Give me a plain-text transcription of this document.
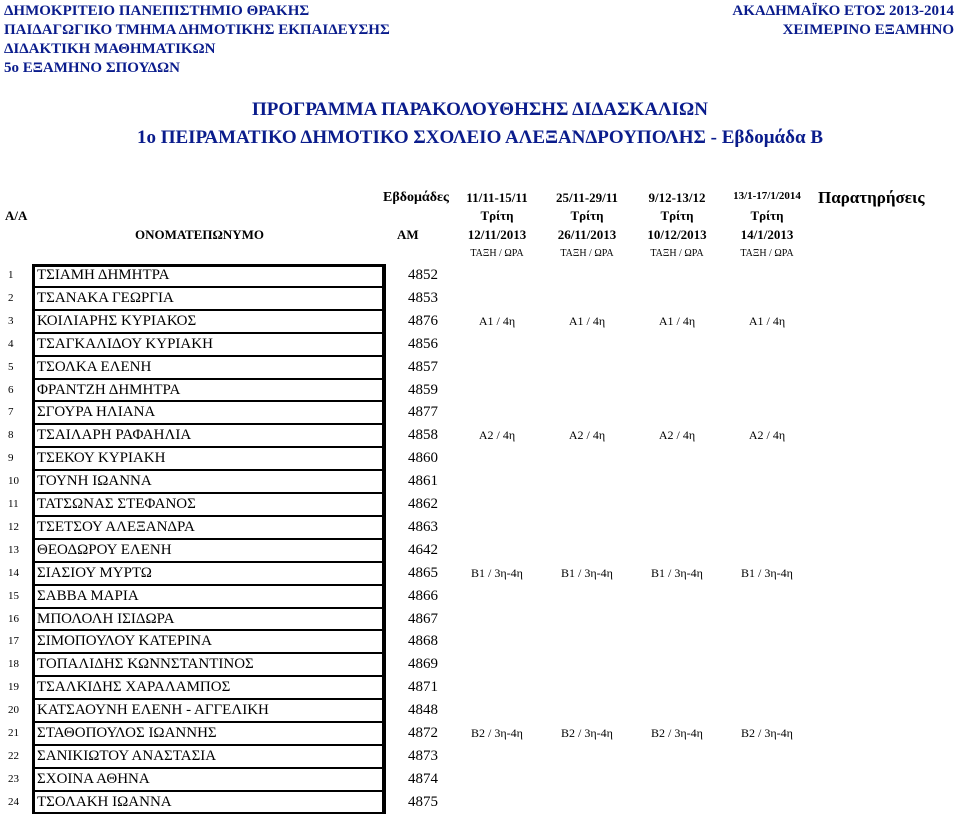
ΔΗΜΟΚΡΙΤΕΙΟ ΠΑΝΕΠΙΣΤΗΜΙΟ ΘΡΑΚΗΣ
ΠΑΙΔΑΓΩΓΙΚΟ ΤΜΗΜΑ ΔΗΜΟΤΙΚΗΣ ΕΚΠΑΙΔΕΥΣΗΣ
ΔΙΔΑΚΤΙΚΗ ΜΑΘΗΜΑΤΙΚΩΝ
5ο ΕΞΑΜΗΝΟ ΣΠΟΥΔΩΝ
ΑΚΑΔΗΜΑΪΚΟ ΕΤΟΣ 2013-2014
ΧΕΙΜΕΡΙΝΟ ΕΞΑΜΗΝΟ
ΠΡΟΓΡΑΜΜΑ ΠΑΡΑΚΟΛΟΥΘΗΣΗΣ ΔΙΔΑΣΚΑΛΙΩΝ
1ο ΠΕΙΡΑΜΑΤΙΚΟ ΔΗΜΟΤΙΚΟ ΣΧΟΛΕΙΟ ΑΛΕΞΑΝΔΡΟΥΠΟΛΗΣ - Εβδομάδα Β
Εβδομάδες
Α/Α
ΟΝΟΜΑΤΕΠΩΝΥΜΟ	ΑΜ
Παρατηρήσεις
11/11-15/11
Τρίτη
12/11/2013
ΤΑΞΗ / ΩΡΑ
25/11-29/11
Τρίτη
26/11/2013
ΤΑΞΗ / ΩΡΑ
9/12-13/12
Τρίτη
10/12/2013
ΤΑΞΗ / ΩΡΑ
13/1-17/1/2014
Τρίτη
14/1/2013
ΤΑΞΗ / ΩΡΑ
1	ΤΣΙΑΜΗ ΔΗΜΗΤΡΑ	4852
2	ΤΣΑΝΑΚΑ ΓΕΩΡΓΙΑ	4853
3	ΚΟΙΛΙΑΡΗΣ ΚΥΡΙΑΚΟΣ	4876	Α1 / 4η	Α1 / 4η	Α1 / 4η	Α1 / 4η
4	ΤΣΑΓΚΑΛΙΔΟΥ ΚΥΡΙΑΚΗ	4856
5	ΤΣΟΛΚΑ ΕΛΕΝΗ	4857
6	ΦΡΑΝΤΖΗ ΔΗΜΗΤΡΑ	4859
7	ΣΓΟΥΡΑ ΗΛΙΑΝΑ	4877
8	ΤΣΑΙΛΑΡΗ ΡΑΦΑΗΛΙΑ	4858	Α2 / 4η	Α2 / 4η	Α2 / 4η	Α2 / 4η
9	ΤΣΕΚΟΥ ΚΥΡΙΑΚΗ	4860
10 ΤΟΥΝΗ ΙΩΑΝΝΑ	4861
11 ΤΑΤΣΩΝΑΣ ΣΤΕΦΑΝΟΣ	4862
12 ΤΣΕΤΣΟΥ ΑΛΕΞΑΝΔΡΑ	4863
13 ΘΕΟΔΩΡΟΥ ΕΛΕΝΗ	4642
14 ΣΙΑΣΙΟΥ ΜΥΡΤΩ	4865	Β1 / 3η-4η	Β1 / 3η-4η	Β1 / 3η-4η	Β1 / 3η-4η
15 ΣΑΒΒΑ ΜΑΡΙΑ	4866
16 ΜΠΟΛΟΛΗ ΙΣΙΔΩΡΑ	4867
17 ΣΙΜΟΠΟΥΛΟΥ ΚΑΤΕΡΙΝΑ	4868
18 ΤΟΠΑΛΙΔΗΣ ΚΩΝΝΣΤΑΝΤΙΝΟΣ	4869
19 ΤΣΑΛΚΙΔΗΣ ΧΑΡΑΛΑΜΠΟΣ	4871
20 ΚΑΤΣΑΟΥΝΗ ΕΛΕΝΗ - ΑΓΓΕΛΙΚΗ	4848
21 ΣΤΑΘΟΠΟΥΛΟΣ ΙΩΑΝΝΗΣ	4872	Β2 / 3η-4η	Β2 / 3η-4η	Β2 / 3η-4η	Β2 / 3η-4η
22 ΣΑΝΙΚΙΩΤΟΥ ΑΝΑΣΤΑΣΙΑ	4873
23 ΣΧΟΙΝΑ ΑΘΗΝΑ	4874
24 ΤΣΟΛΑΚΗ ΙΩΑΝΝΑ	4875
